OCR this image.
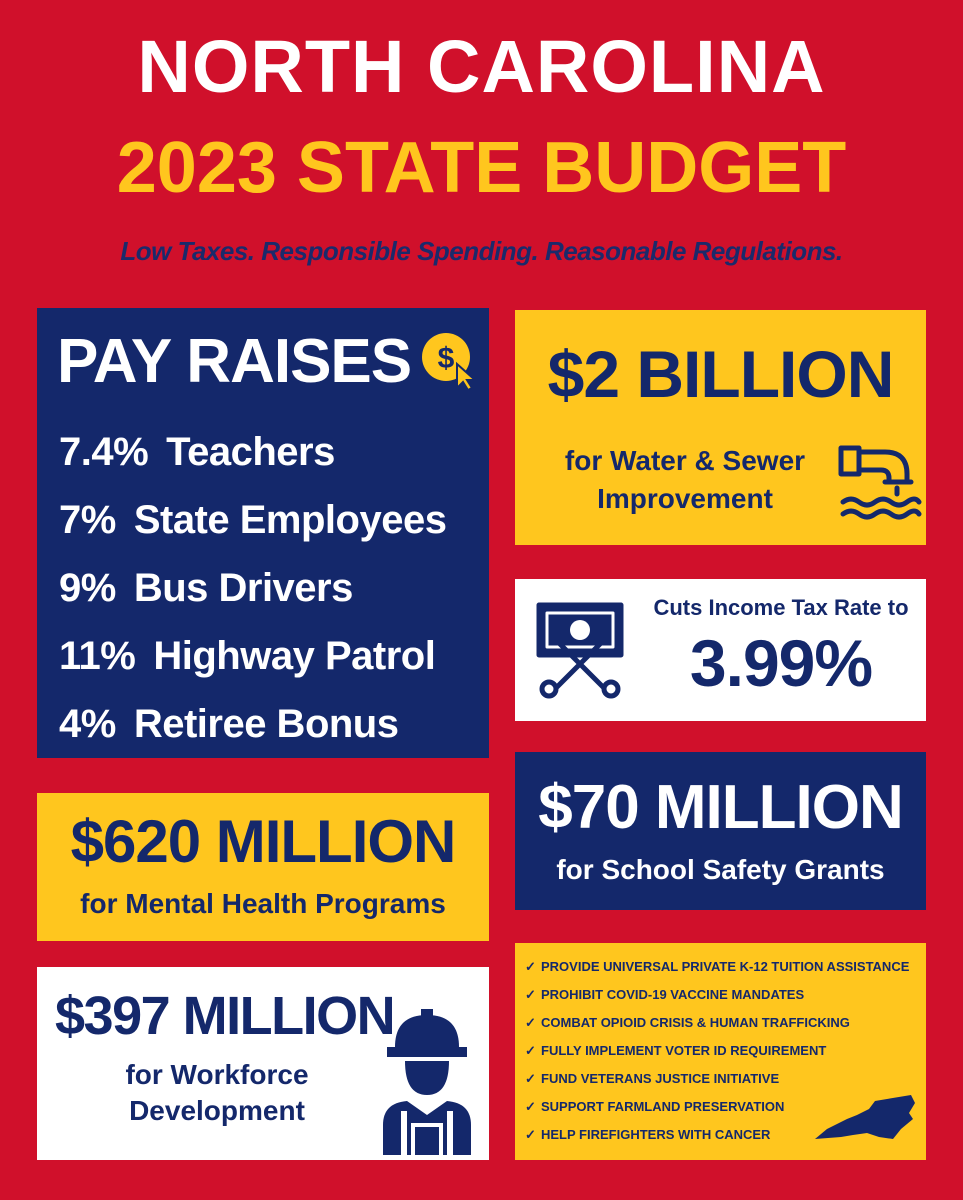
NORTH CAROLINA
2023 STATE BUDGET
Low Taxes. Responsible Spending. Reasonable Regulations.
PAY RAISES $
7.4% Teachers
7% State Employees
9% Bus Drivers
11% Highway Patrol
4% Retiree Bonus
$2 BILLION
for Water & Sewer
Improvement
Cuts Income Tax Rate to
3.99%
$620 MILLION
for Mental Health Programs
$70 MILLION
for School Safety Grants
$397 MILLION
for Workforce
Development
✓ PROVIDE UNIVERSAL PRIVATE K-12 TUITION ASSISTANCE
✓ PROHIBIT COVID-19 VACCINE MANDATES
✓ COMBAT OPIOID CRISIS & HUMAN TRAFFICKING
✓ FULLY IMPLEMENT VOTER ID REQUIREMENT
✓ FUND VETERANS JUSTICE INITIATIVE
✓ SUPPORT FARMLAND PRESERVATION
✓ HELP FIREFIGHTERS WITH CANCER
